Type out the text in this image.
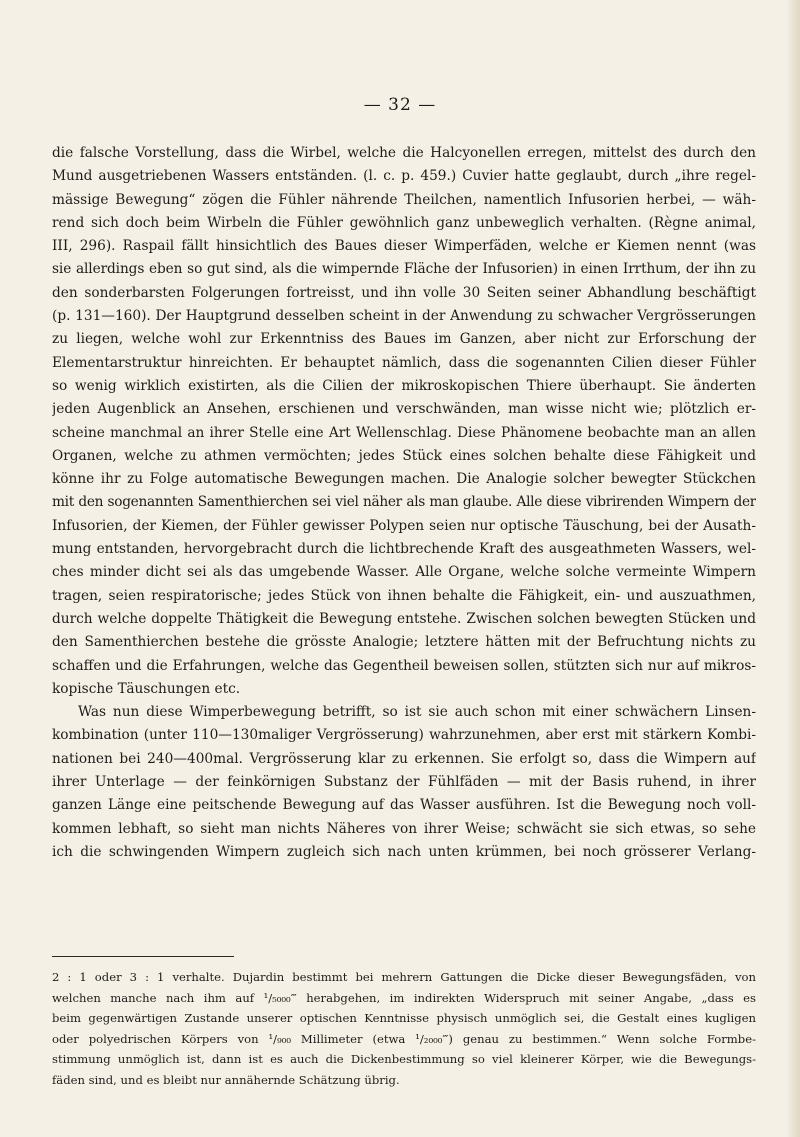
— 32 —
die falsche Vorstellung, dass die Wirbel, welche die Halcyonellen erregen, mittelst des durch den
Mund ausgetriebenen Wassers entständen. (l. c. p. 459.) Cuvier hatte geglaubt, durch „ihre regel-
mässige Bewegung“ zögen die Fühler nährende Theilchen, namentlich Infusorien herbei, — wäh-
rend sich doch beim Wirbeln die Fühler gewöhnlich ganz unbeweglich verhalten. (Règne animal,
III, 296). Raspail fällt hinsichtlich des Baues dieser Wimperfäden, welche er Kiemen nennt (was
sie allerdings eben so gut sind, als die wimpernde Fläche der Infusorien) in einen Irrthum, der ihn zu
den sonderbarsten Folgerungen fortreisst, und ihn volle 30 Seiten seiner Abhandlung beschäftigt
(p. 131—160). Der Hauptgrund desselben scheint in der Anwendung zu schwacher Vergrösserungen
zu liegen, welche wohl zur Erkenntniss des Baues im Ganzen, aber nicht zur Erforschung der
Elementarstruktur hinreichten. Er behauptet nämlich, dass die sogenannten Cilien dieser Fühler
so wenig wirklich existirten, als die Cilien der mikroskopischen Thiere überhaupt. Sie änderten
jeden Augenblick an Ansehen, erschienen und verschwänden, man wisse nicht wie; plötzlich er-
scheine manchmal an ihrer Stelle eine Art Wellenschlag. Diese Phänomene beobachte man an allen
Organen, welche zu athmen vermöchten; jedes Stück eines solchen behalte diese Fähigkeit und
könne ihr zu Folge automatische Bewegungen machen. Die Analogie solcher bewegter Stückchen
mit den sogenannten Samenthierchen sei viel näher als man glaube. Alle diese vibrirenden Wimpern der
Infusorien, der Kiemen, der Fühler gewisser Polypen seien nur optische Täuschung, bei der Ausath-
mung entstanden, hervorgebracht durch die lichtbrechende Kraft des ausgeathmeten Wassers, wel-
ches minder dicht sei als das umgebende Wasser. Alle Organe, welche solche vermeinte Wimpern
tragen, seien respiratorische; jedes Stück von ihnen behalte die Fähigkeit, ein- und auszuathmen,
durch welche doppelte Thätigkeit die Bewegung entstehe. Zwischen solchen bewegten Stücken und
den Samenthierchen bestehe die grösste Analogie; letztere hätten mit der Befruchtung nichts zu
schaffen und die Erfahrungen, welche das Gegentheil beweisen sollen, stützten sich nur auf mikros-
kopische Täuschungen etc.
Was nun diese Wimperbewegung betrifft, so ist sie auch schon mit einer schwächern Linsen-
kombination (unter 110—130maliger Vergrösserung) wahrzunehmen, aber erst mit stärkern Kombi-
nationen bei 240—400mal. Vergrösserung klar zu erkennen. Sie erfolgt so, dass die Wimpern auf
ihrer Unterlage — der feinkörnigen Substanz der Fühlfäden — mit der Basis ruhend, in ihrer
ganzen Länge eine peitschende Bewegung auf das Wasser ausführen. Ist die Bewegung noch voll-
kommen lebhaft, so sieht man nichts Näheres von ihrer Weise; schwächt sie sich etwas, so sehe
ich die schwingenden Wimpern zugleich sich nach unten krümmen, bei noch grösserer Verlang-
2 : 1 oder 3 : 1 verhalte. Dujardin bestimmt bei mehrern Gattungen die Dicke dieser Bewegungsfäden, von
welchen manche nach ihm auf ¹/₅₀₀₀‴ herabgehen, im indirekten Widerspruch mit seiner Angabe, „dass es
beim gegenwärtigen Zustande unserer optischen Kenntnisse physisch unmöglich sei, die Gestalt eines kugligen
oder polyedrischen Körpers von ¹/₉₀₀ Millimeter (etwa ¹/₂₀₀₀‴) genau zu bestimmen.“ Wenn solche Formbe-
stimmung unmöglich ist, dann ist es auch die Dickenbestimmung so viel kleinerer Körper, wie die Bewegungs-
fäden sind, und es bleibt nur annähernde Schätzung übrig.
